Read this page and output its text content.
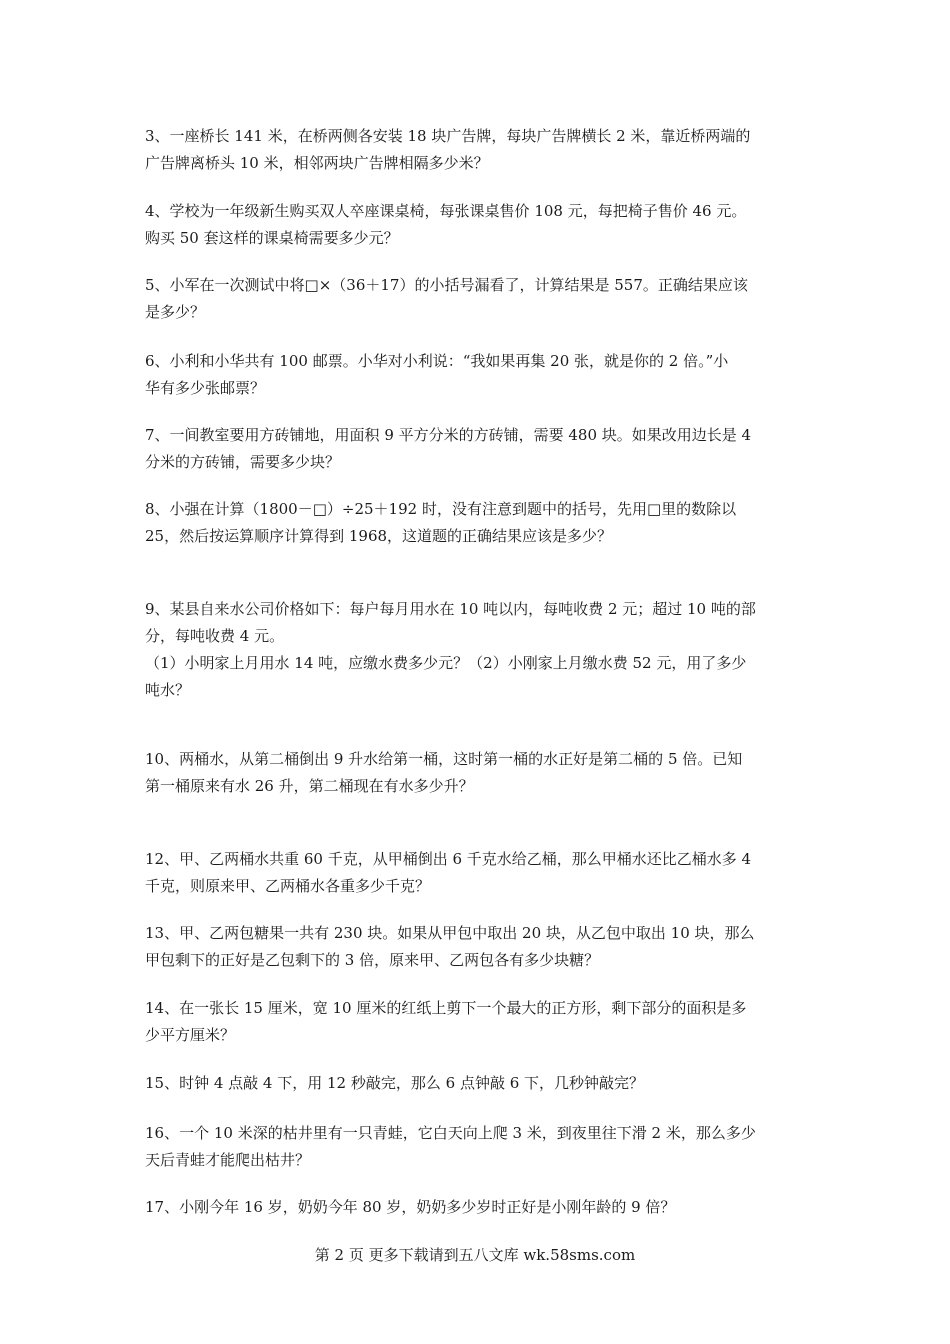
3、一座桥长 141 米，在桥两侧各安装 18 块广告牌，每块广告牌横长 2 米，靠近桥两端的
广告牌离桥头 10 米，相邻两块广告牌相隔多少米？

4、学校为一年级新生购买双人卒座课桌椅，每张课桌售价 108 元，每把椅子售价 46 元。
购买 50 套这样的课桌椅需要多少元？

5、小军在一次测试中将□×（36＋17）的小括号漏看了，计算结果是 557。正确结果应该
是多少？

6、小利和小华共有 100 邮票。小华对小利说：“我如果再集 20 张，就是你的 2 倍。”小
华有多少张邮票？

7、一间教室要用方砖铺地，用面积 9 平方分米的方砖铺，需要 480 块。如果改用边长是 4
分米的方砖铺，需要多少块？

8、小强在计算（1800－□）÷25＋192 时，没有注意到题中的括号，先用□里的数除以
25，然后按运算顺序计算得到 1968，这道题的正确结果应该是多少？

9、某县自来水公司价格如下：每户每月用水在 10 吨以内，每吨收费 2 元；超过 10 吨的部
分，每吨收费 4 元。
（1）小明家上月用水 14 吨，应缴水费多少元？（2）小刚家上月缴水费 52 元，用了多少
吨水？

10、两桶水，从第二桶倒出 9 升水给第一桶，这时第一桶的水正好是第二桶的 5 倍。已知
第一桶原来有水 26 升，第二桶现在有水多少升？

12、甲、乙两桶水共重 60 千克，从甲桶倒出 6 千克水给乙桶，那么甲桶水还比乙桶水多 4
千克，则原来甲、乙两桶水各重多少千克？

13、甲、乙两包糖果一共有 230 块。如果从甲包中取出 20 块，从乙包中取出 10 块，那么
甲包剩下的正好是乙包剩下的 3 倍，原来甲、乙两包各有多少块糖？

14、在一张长 15 厘米，宽 10 厘米的红纸上剪下一个最大的正方形，剩下部分的面积是多
少平方厘米？

15、时钟 4 点敲 4 下，用 12 秒敲完，那么 6 点钟敲 6 下，几秒钟敲完？

16、一个 10 米深的枯井里有一只青蛙，它白天向上爬 3 米，到夜里往下滑 2 米，那么多少
天后青蛙才能爬出枯井？

17、小刚今年 16 岁，奶奶今年 80 岁，奶奶多少岁时正好是小刚年龄的 9 倍？

第 2 页 更多下载请到五八文库 wk.58sms.com
